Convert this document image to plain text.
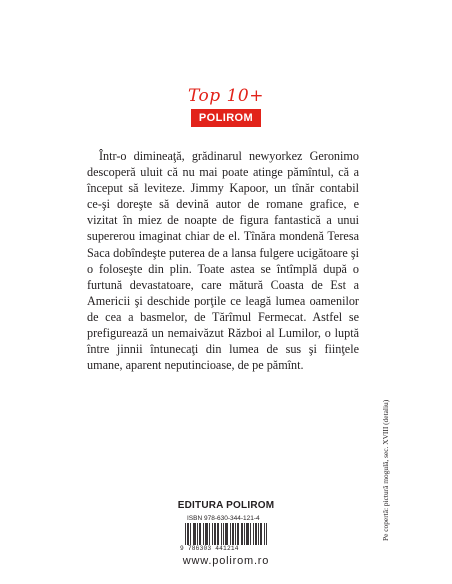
Top 10+
POLIROM

Într-o dimineaţă, grădinarul newyorkez Geronimo descoperă uluit că nu mai poate atinge pămîntul, că a început să leviteze. Jimmy Kapoor, un tînăr contabil ce-şi doreşte să devină autor de romane grafice, e vizitat în miez de noapte de figura fantastică a unui supererou imaginat chiar de el. Tînăra mondenă Teresa Saca dobîndeşte puterea de a lansa fulgere ucigătoare şi o foloseşte din plin. Toate astea se întîmplă după o furtună devastatoare, care mătură Coasta de Est a Americii şi deschide porţile ce leagă lumea oamenilor de cea a basmelor, de Tărîmul Fermecat. Astfel se prefigurează un nemaivăzut Război al Lumilor, o luptă între jinnii întunecaţi din lumea de sus şi fiinţele umane, aparent neputincioase, de pe pămînt.

EDITURA POLIROM
ISBN 978-630-344-121-4
9 786303 441214
www.polirom.ro
Pe copertă: pictură mogulă, sec. XVIII (detaliu)
